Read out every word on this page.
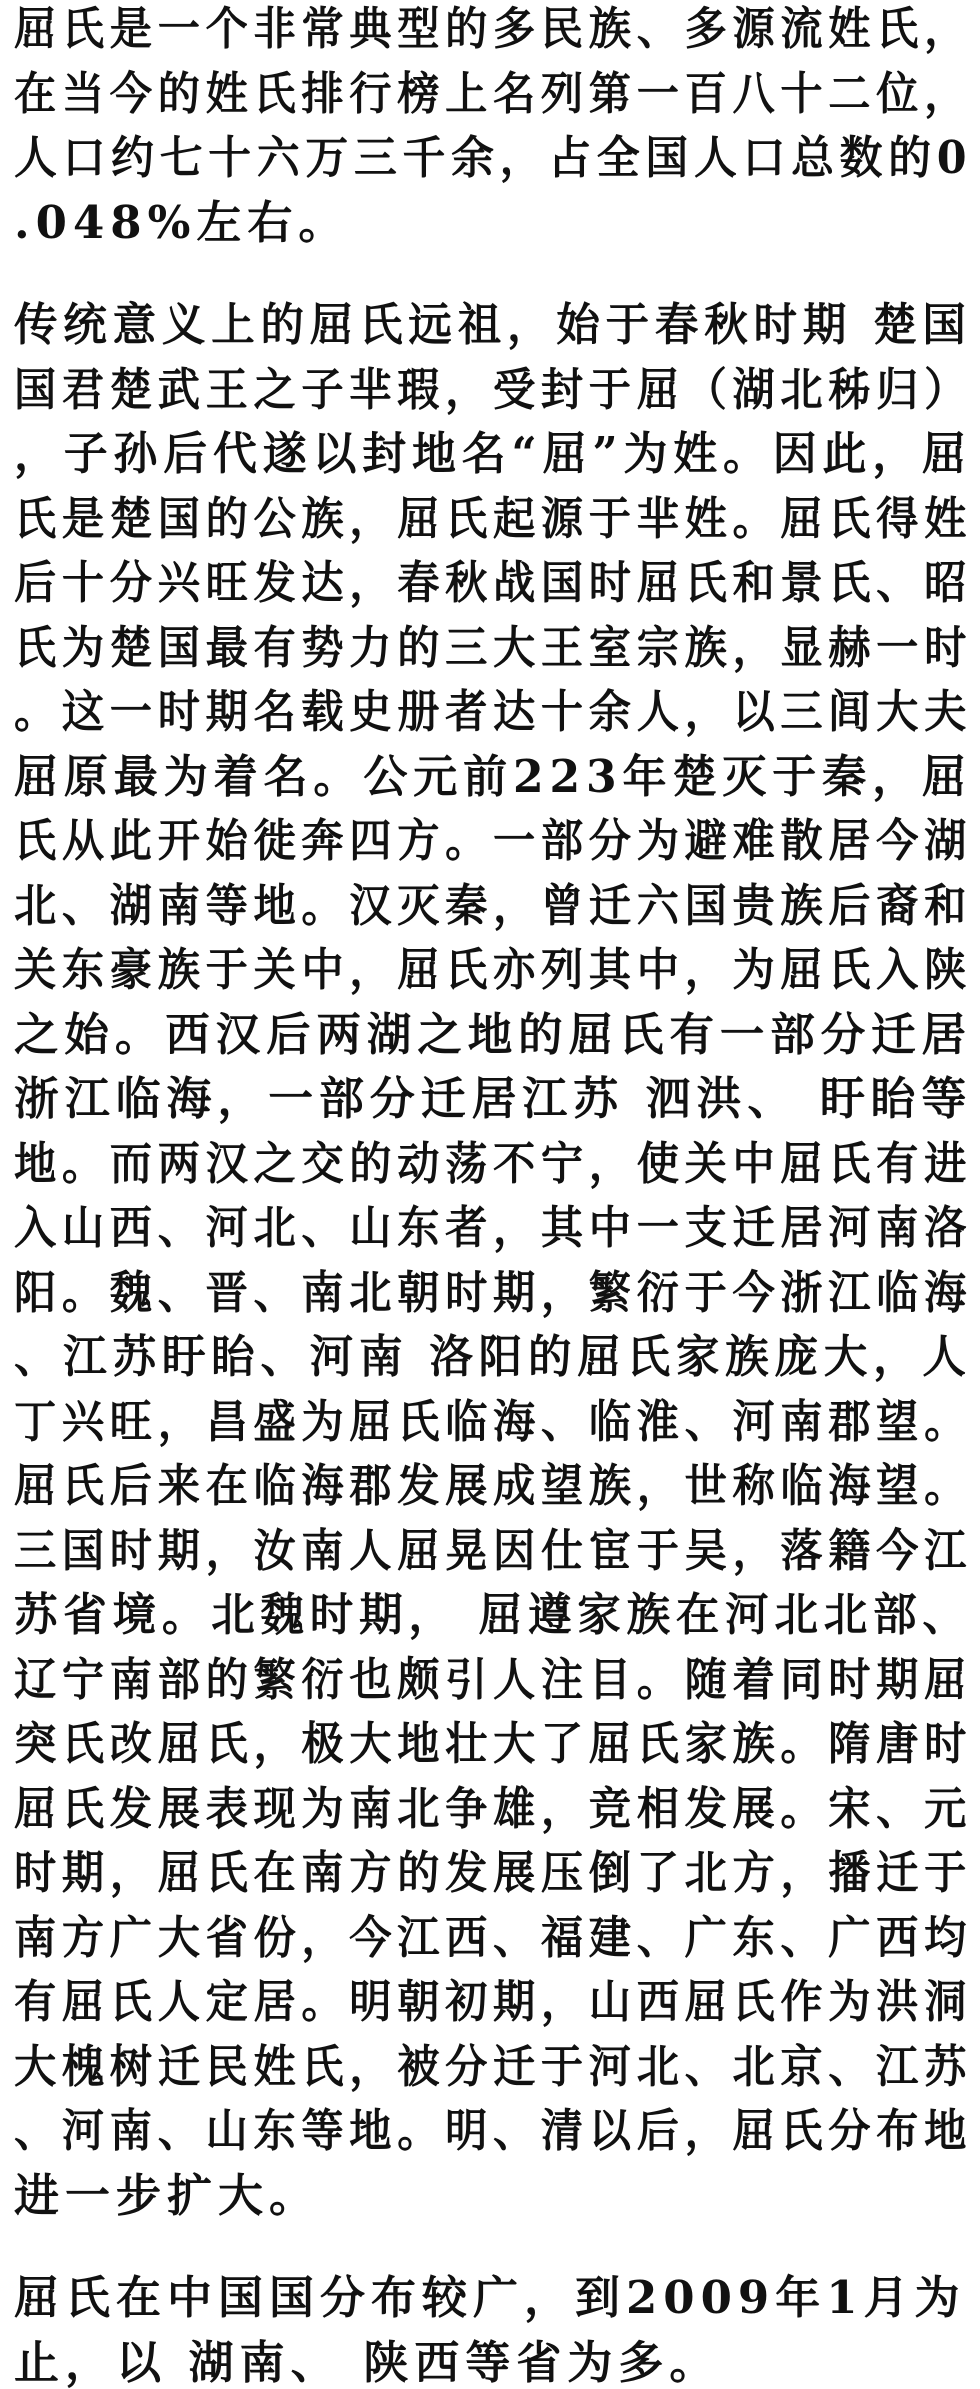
屈氏是一个非常典型的多民族、多源流姓氏，
在当今的姓氏排行榜上名列第一百八十二位，
人口约七十六万三千余，占全国人口总数的0
.048%左右。
传统意义上的屈氏远祖，始于春秋时期 楚国
国君楚武王之子芈瑕，受封于屈（湖北秭归）
，子孙后代遂以封地名“屈”为姓。因此，屈
氏是楚国的公族，屈氏起源于芈姓。屈氏得姓
后十分兴旺发达，春秋战国时屈氏和景氏、昭
氏为楚国最有势力的三大王室宗族，显赫一时
。这一时期名载史册者达十余人，以三闾大夫
屈原最为着名。公元前223年楚灭于秦，屈
氏从此开始徙奔四方。一部分为避难散居今湖
北、湖南等地。汉灭秦，曾迁六国贵族后裔和
关东豪族于关中，屈氏亦列其中，为屈氏入陕
之始。西汉后两湖之地的屈氏有一部分迁居
浙江临海，一部分迁居江苏 泗洪、 盱眙等
地。而两汉之交的动荡不宁，使关中屈氏有进
入山西、河北、山东者，其中一支迁居河南洛
阳。魏、晋、南北朝时期，繁衍于今浙江临海
、江苏盱眙、河南 洛阳的屈氏家族庞大，人
丁兴旺，昌盛为屈氏临海、临淮、河南郡望。
屈氏后来在临海郡发展成望族，世称临海望。
三国时期，汝南人屈晃因仕宦于吴，落籍今江
苏省境。北魏时期， 屈遵家族在河北北部、
辽宁南部的繁衍也颇引人注目。随着同时期屈
突氏改屈氏，极大地壮大了屈氏家族。隋唐时
屈氏发展表现为南北争雄，竞相发展。宋、元
时期，屈氏在南方的发展压倒了北方，播迁于
南方广大省份，今江西、福建、广东、广西均
有屈氏人定居。明朝初期，山西屈氏作为洪洞
大槐树迁民姓氏，被分迁于河北、北京、江苏
、河南、山东等地。明、清以后，屈氏分布地
进一步扩大。
屈氏在中国国分布较广，到2009年1月为
止，以 湖南、 陕西等省为多。
